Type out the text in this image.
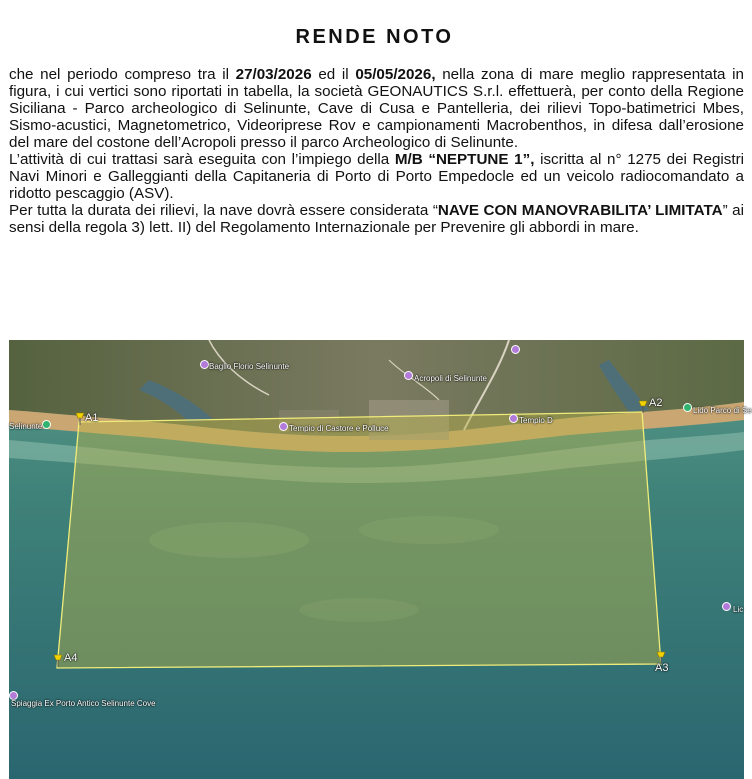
RENDE NOTO

che nel periodo compreso tra il 27/03/2026 ed il 05/05/2026, nella zona di mare meglio rappresentata in figura, i cui vertici sono riportati in tabella, la società GEONAUTICS S.r.l. effettuerà, per conto della Regione Siciliana - Parco archeologico di Selinunte, Cave di Cusa e Pantelleria, dei rilievi Topo-batimetrici Mbes, Sismo-acustici, Magnetometrico, Videoriprese Rov e campionamenti Macrobenthos, in difesa dall’erosione del mare del costone dell’Acropoli presso il parco Archeologico di Selinunte.

L’attività di cui trattasi sarà eseguita con l’impiego della M/B “NEPTUNE 1”, iscritta al n° 1275 dei Registri Navi Minori e Galleggianti della Capitaneria di Porto di Porto Empedocle ed un veicolo radiocomandato a ridotto pescaggio (ASV).

Per tutta la durata dei rilievi, la nave dovrà essere considerata “NAVE CON MANOVRABILITA’ LIMITATA” ai sensi della regola 3) lett. II) del Regolamento Internazionale per Prevenire gli abbordi in mare.

A1
A2
A3
A4
Baglio Florio Selinunte
Acropoli di Selinunte
Tempio di Castore e Polluce
Tempio D
Selinunte
Lido Parco di Se
Spiaggia Ex Porto Antico Selinunte Cove
Lic
